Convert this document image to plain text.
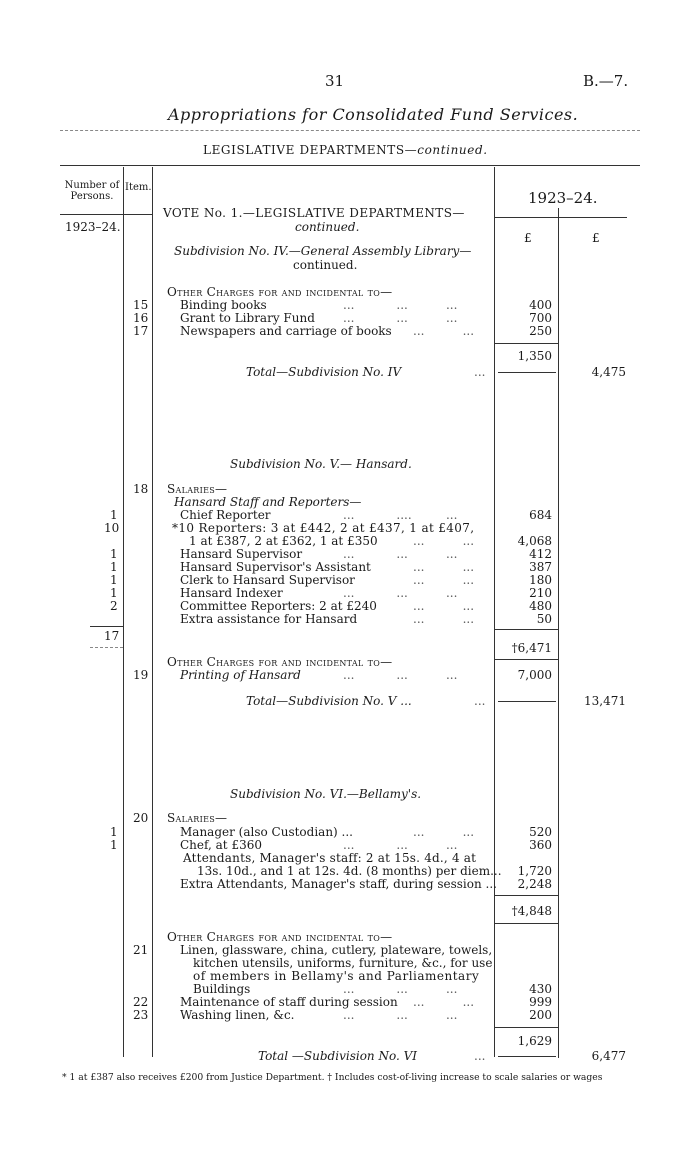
31	B.—7.
Appropriations for Consolidated Fund Services.
LEGISLATIVE DEPARTMENTS—continued.
Number of Persons.
Item.
1923–24.
1923–24.
£	£
VOTE No. 1.—LEGISLATIVE DEPARTMENTS—
continued.
Subdivision No. IV.—General Assembly Library—
continued.
Other Charges for and incidental to—
15	Binding books	...           ...          ...	400
16	Grant to Library Fund ...           ...          ...	700
17	Newspapers and carriage of books ...          ...	250
1,350
Total—Subdivision No. IV	...	4,475
Subdivision No. V.— Hansard.
18 Salaries—
Hansard Staff and Reporters—
1	Chief Reporter	...           ....         ...	684
10	*10 Reporters: 3 at £442, 2 at £437, 1 at £407,
1 at £387, 2 at £362, 1 at £350	...          ...	4,068
1	Hansard Supervisor	...           ...          ...	412
1	Hansard Supervisor's Assistant	...          ...	387
1	Clerk to Hansard Supervisor	...          ...	180
1	Hansard Indexer	...           ...          ...	210
2	Committee Reporters: 2 at £240	...          ...	480
Extra assistance for Hansard	...          ...	50
17
†6,471
Other Charges for and incidental to—
19	Printing of Hansard	...           ...          ...	7,000
Total—Subdivision No. V ...	...	13,471
Subdivision No. VI.—Bellamy's.
20 Salaries—
1	Manager (also Custodian) ...	...          ...	520
1	Chef, at £360	...           ...          ...	360
Attendants, Manager's staff: 2 at 15s. 4d., 4 at
13s. 10d., and 1 at 12s. 4d. (8 months) per diem...	1,720
Extra Attendants, Manager's staff, during session ...	2,248
†4,848
Other Charges for and incidental to—
21	Linen, glassware, china, cutlery, plateware, towels,
kitchen utensils, uniforms, furniture, &c., for use
of members in Bellamy's and Parliamentary
Buildings	...           ...          ...	430
22	Maintenance of staff during session ...          ...	999
23	Washing linen, &c.	...           ...          ...	200
1,629
Total —Subdivision No. VI	...	6,477
* 1 at £387 also receives £200 from Justice Department. † Includes cost-of-living increase to scale salaries or wages
